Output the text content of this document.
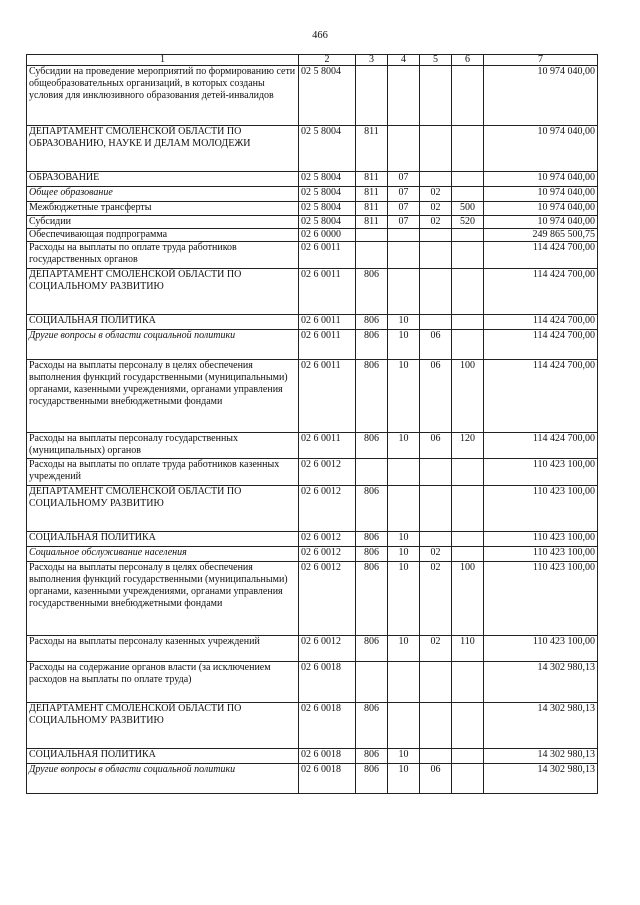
466
1	2	3	4	5	6	7
Субсидии на проведение мероприятий по формированию сети общеобразовательных организаций, в которых созданы условия для инклюзивного образования детей-инвалидов	02 5 8004					10 974 040,00
ДЕПАРТАМЕНТ СМОЛЕНСКОЙ ОБЛАСТИ ПО ОБРАЗОВАНИЮ, НАУКЕ И ДЕЛАМ МОЛОДЕЖИ	02 5 8004	811				10 974 040,00
ОБРАЗОВАНИЕ	02 5 8004	811	07			10 974 040,00
Общее образование	02 5 8004	811	07	02		10 974 040,00
Межбюджетные трансферты	02 5 8004	811	07	02	500	10 974 040,00
Субсидии	02 5 8004	811	07	02	520	10 974 040,00
Обеспечивающая подпрограмма	02 6 0000					249 865 500,75
Расходы на выплаты по оплате труда работников государственных органов	02 6 0011					114 424 700,00
ДЕПАРТАМЕНТ СМОЛЕНСКОЙ ОБЛАСТИ ПО СОЦИАЛЬНОМУ РАЗВИТИЮ	02 6 0011	806				114 424 700,00
СОЦИАЛЬНАЯ ПОЛИТИКА	02 6 0011	806	10			114 424 700,00
Другие вопросы в области социальной политики	02 6 0011	806	10	06		114 424 700,00
Расходы на выплаты персоналу в целях обеспечения выполнения функций государственными (муниципальными) органами, казенными учреждениями, органами управления государственными внебюджетными фондами	02 6 0011	806	10	06	100	114 424 700,00
Расходы на выплаты персоналу государственных (муниципальных) органов	02 6 0011	806	10	06	120	114 424 700,00
Расходы на выплаты по оплате труда работников казенных учреждений	02 6 0012					110 423 100,00
ДЕПАРТАМЕНТ СМОЛЕНСКОЙ ОБЛАСТИ ПО СОЦИАЛЬНОМУ РАЗВИТИЮ	02 6 0012	806				110 423 100,00
СОЦИАЛЬНАЯ ПОЛИТИКА	02 6 0012	806	10			110 423 100,00
Социальное обслуживание населения	02 6 0012	806	10	02		110 423 100,00
Расходы на выплаты персоналу в целях обеспечения выполнения функций государственными (муниципальными) органами, казенными учреждениями, органами управления государственными внебюджетными фондами	02 6 0012	806	10	02	100	110 423 100,00
Расходы на выплаты персоналу казенных учреждений	02 6 0012	806	10	02	110	110 423 100,00
Расходы на содержание органов власти (за исключением расходов на выплаты по оплате труда)	02 6 0018					14 302 980,13
ДЕПАРТАМЕНТ СМОЛЕНСКОЙ ОБЛАСТИ ПО СОЦИАЛЬНОМУ РАЗВИТИЮ	02 6 0018	806				14 302 980,13
СОЦИАЛЬНАЯ ПОЛИТИКА	02 6 0018	806	10			14 302 980,13
Другие вопросы в области социальной политики	02 6 0018	806	10	06		14 302 980,13
